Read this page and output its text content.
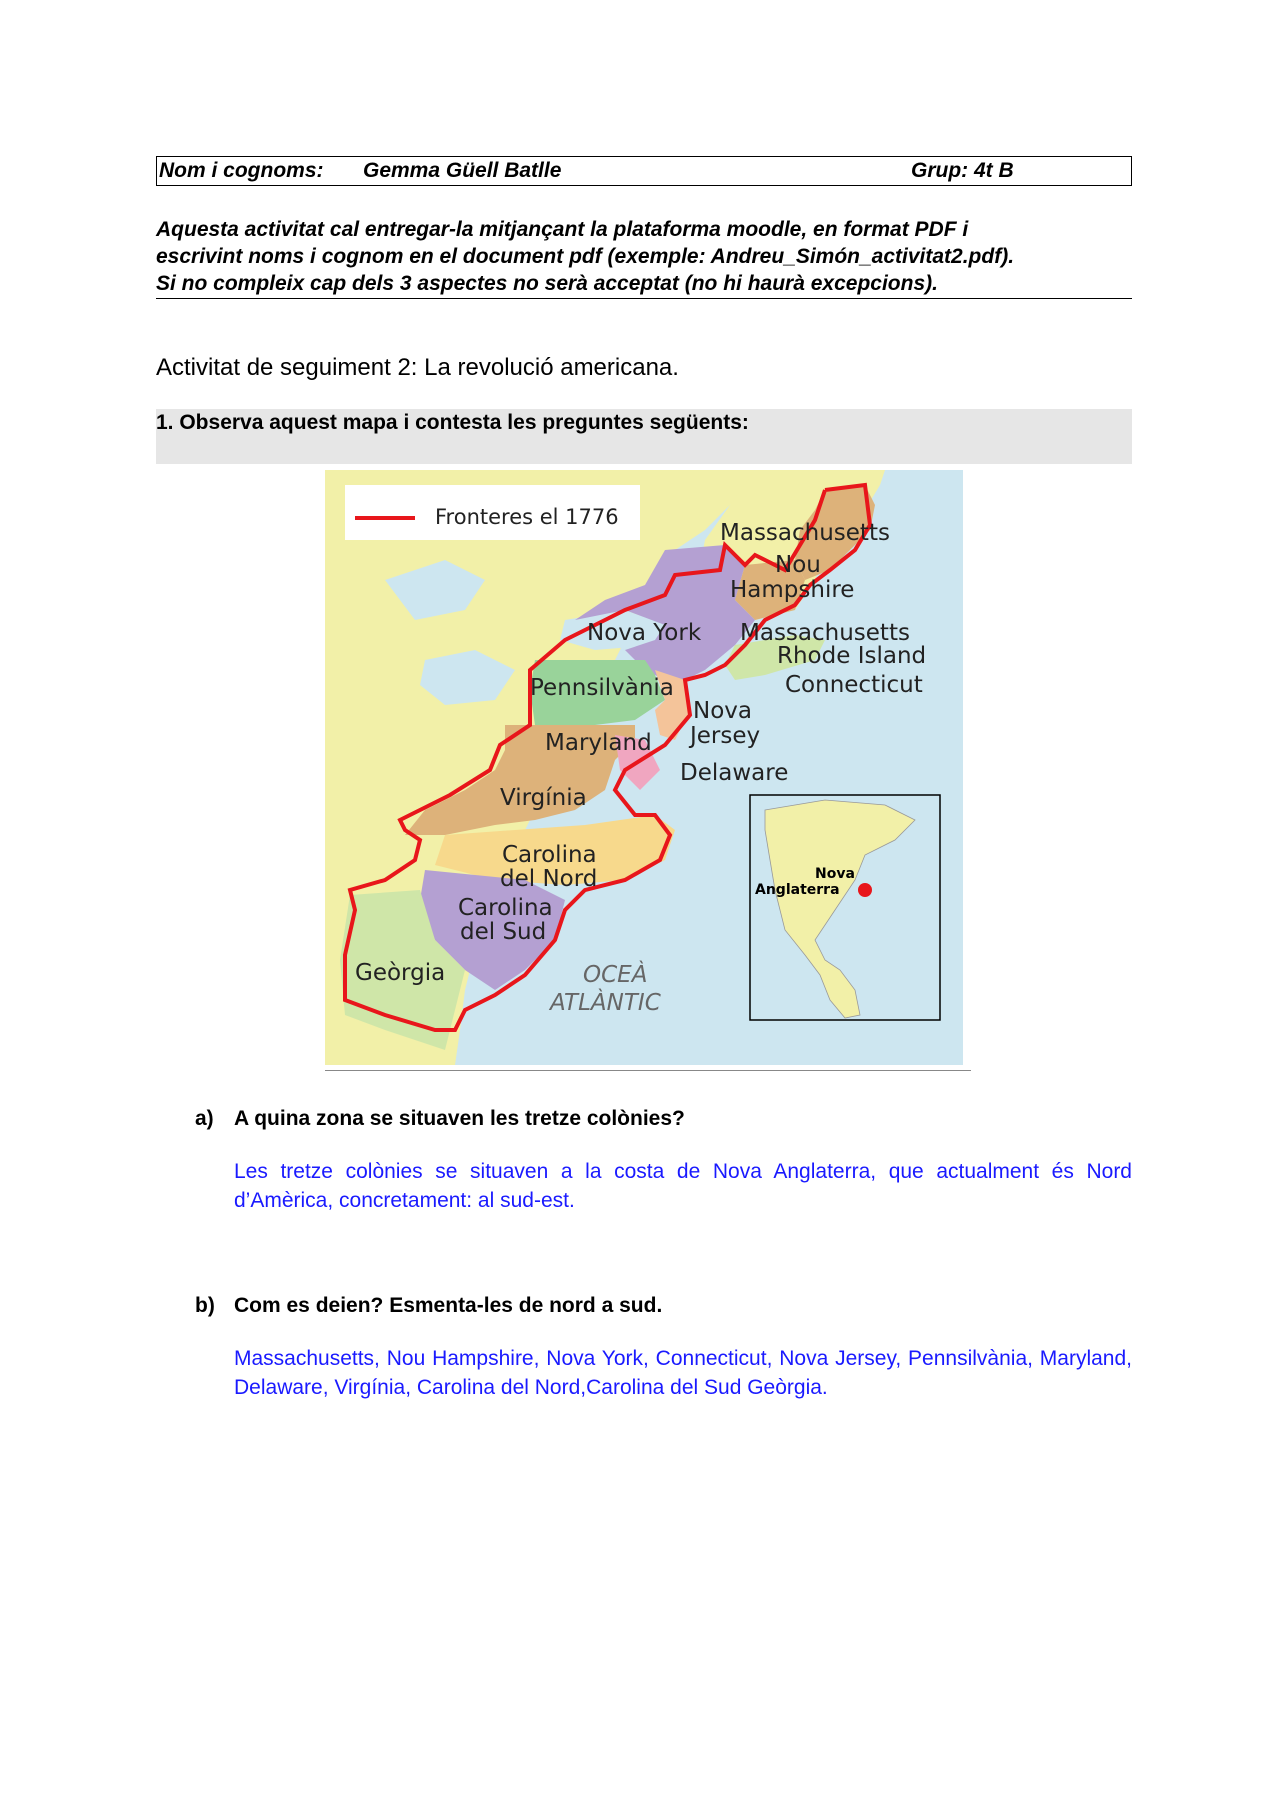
Nom i cognoms: Gemma Güell Batlle	Grup: 4t B
Aquesta activitat cal entregar-la mitjançant la plataforma moodle, en format PDF i
escrivint noms i cognom en el document pdf (exemple: Andreu_Simón_activitat2.pdf).
Si no compleix cap dels 3 aspectes no serà acceptat (no hi haurà excepcions).
Activitat de seguiment 2: La revolució americana.
1. Observa aquest mapa i contesta les preguntes següents:
Fronteres el 1776
Massachusetts
Nou
Hampshire
Nova York Massachusetts
Rhode Island
Connecticut
Pennsilvània
Nova
Jersey
Maryland
Delaware
Virgínia
Carolina
del Nord
Carolina
del Sud
Geòrgia	OCEÀ
ATLÀNTIC
Nova
Anglaterra
a) A quina zona se situaven les tretze colònies?
Les tretze colònies se situaven a la costa de Nova Anglaterra, que actualment és Nord d’Amèrica, concretament: al sud-est.
b) Com es deien? Esmenta-les de nord a sud.
Massachusetts, Nou Hampshire, Nova York, Connecticut, Nova Jersey, Pennsilvània, Maryland, Delaware, Virgínia, Carolina del Nord,Carolina del Sud Geòrgia.
